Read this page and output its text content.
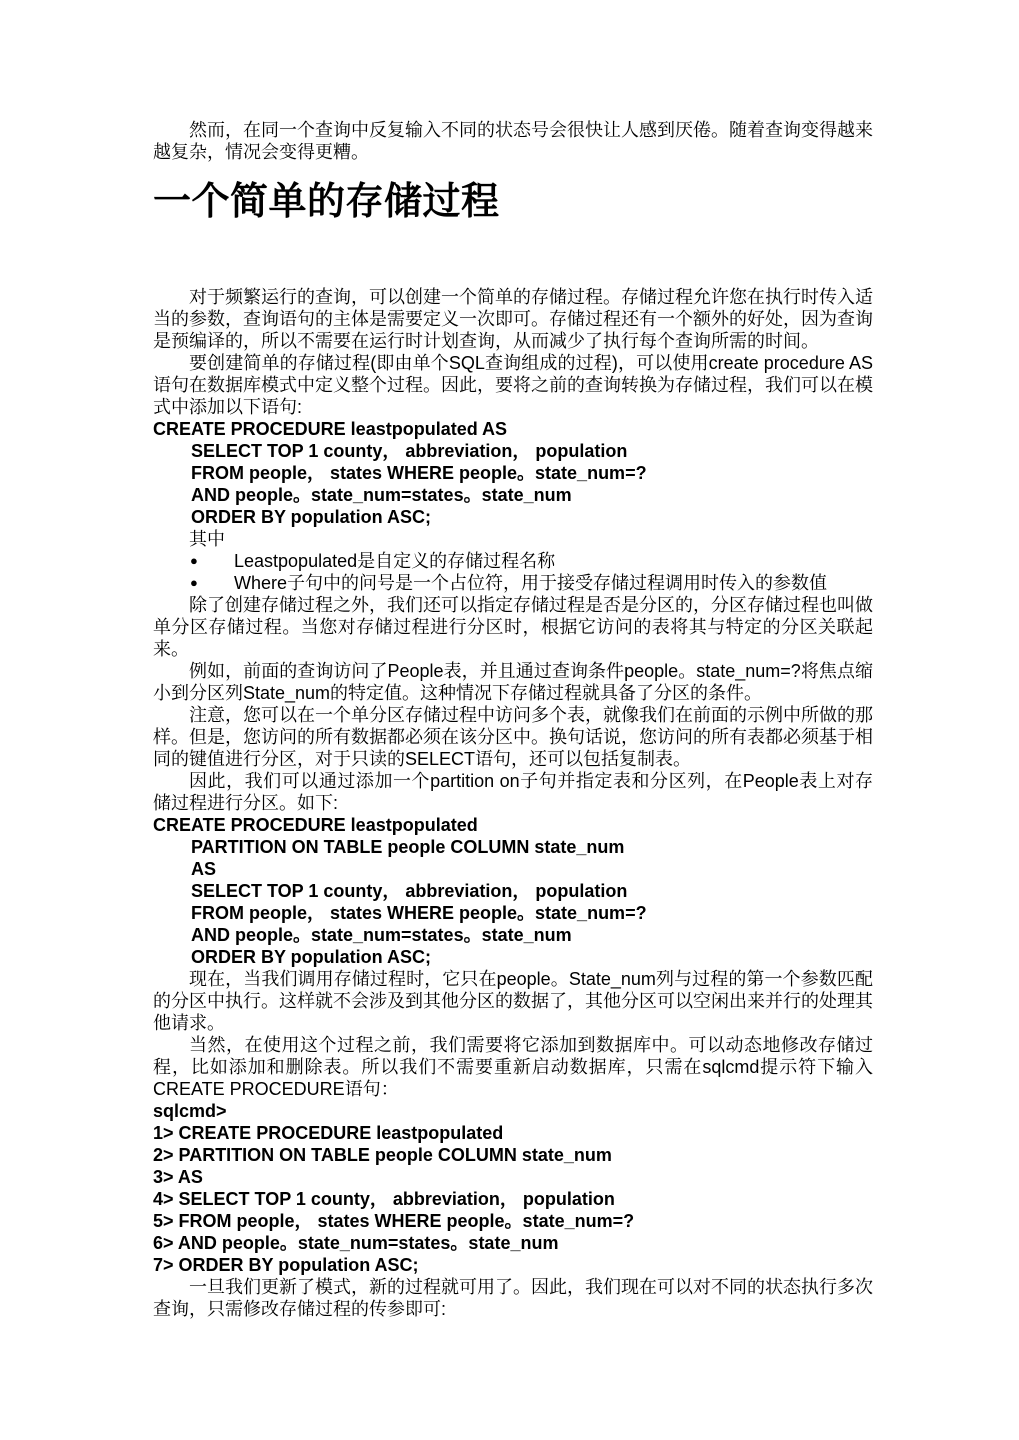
然而，在同一个查询中反复输入不同的状态号会很快让人感到厌倦。随着查询变得越来越复杂，情况会变得更糟。

一个简单的存储过程

对于频繁运行的查询，可以创建一个简单的存储过程。存储过程允许您在执行时传入适当的参数，查询语句的主体是需要定义一次即可。存储过程还有一个额外的好处，因为查询是预编译的，所以不需要在运行时计划查询，从而减少了执行每个查询所需的时间。

要创建简单的存储过程(即由单个SQL查询组成的过程)，可以使用create procedure AS语句在数据库模式中定义整个过程。因此，要将之前的查询转换为存储过程，我们可以在模式中添加以下语句:

CREATE PROCEDURE leastpopulated AS
SELECT TOP 1 county， abbreviation， population
FROM people， states WHERE people。state_num=?
AND people。state_num=states。state_num
ORDER BY population ASC;

其中

●	Leastpopulated是自定义的存储过程名称
●	Where子句中的问号是一个占位符，用于接受存储过程调用时传入的参数值

除了创建存储过程之外，我们还可以指定存储过程是否是分区的，分区存储过程也叫做单分区存储过程。当您对存储过程进行分区时，根据它访问的表将其与特定的分区关联起来。

例如，前面的查询访问了People表，并且通过查询条件people。state_num=?将焦点缩小到分区列State_num的特定值。这种情况下存储过程就具备了分区的条件。

注意，您可以在一个单分区存储过程中访问多个表，就像我们在前面的示例中所做的那样。但是，您访问的所有数据都必须在该分区中。换句话说，您访问的所有表都必须基于相同的键值进行分区，对于只读的SELECT语句，还可以包括复制表。

因此，我们可以通过添加一个partition on子句并指定表和分区列，在People表上对存储过程进行分区。如下:

CREATE PROCEDURE leastpopulated
PARTITION ON TABLE people COLUMN state_num
AS
SELECT TOP 1 county， abbreviation， population
FROM people， states WHERE people。state_num=?
AND people。state_num=states。state_num
ORDER BY population ASC;

现在，当我们调用存储过程时，它只在people。State_num列与过程的第一个参数匹配的分区中执行。这样就不会涉及到其他分区的数据了，其他分区可以空闲出来并行的处理其他请求。

当然，在使用这个过程之前，我们需要将它添加到数据库中。可以动态地修改存储过程，比如添加和删除表。所以我们不需要重新启动数据库，只需在sqlcmd提示符下输入CREATE PROCEDURE语句：

sqlcmd>
1> CREATE PROCEDURE leastpopulated
2> PARTITION ON TABLE people COLUMN state_num
3> AS
4> SELECT TOP 1 county， abbreviation， population
5> FROM people， states WHERE people。state_num=?
6> AND people。state_num=states。state_num
7> ORDER BY population ASC;

一旦我们更新了模式，新的过程就可用了。因此，我们现在可以对不同的状态执行多次查询，只需修改存储过程的传参即可:
